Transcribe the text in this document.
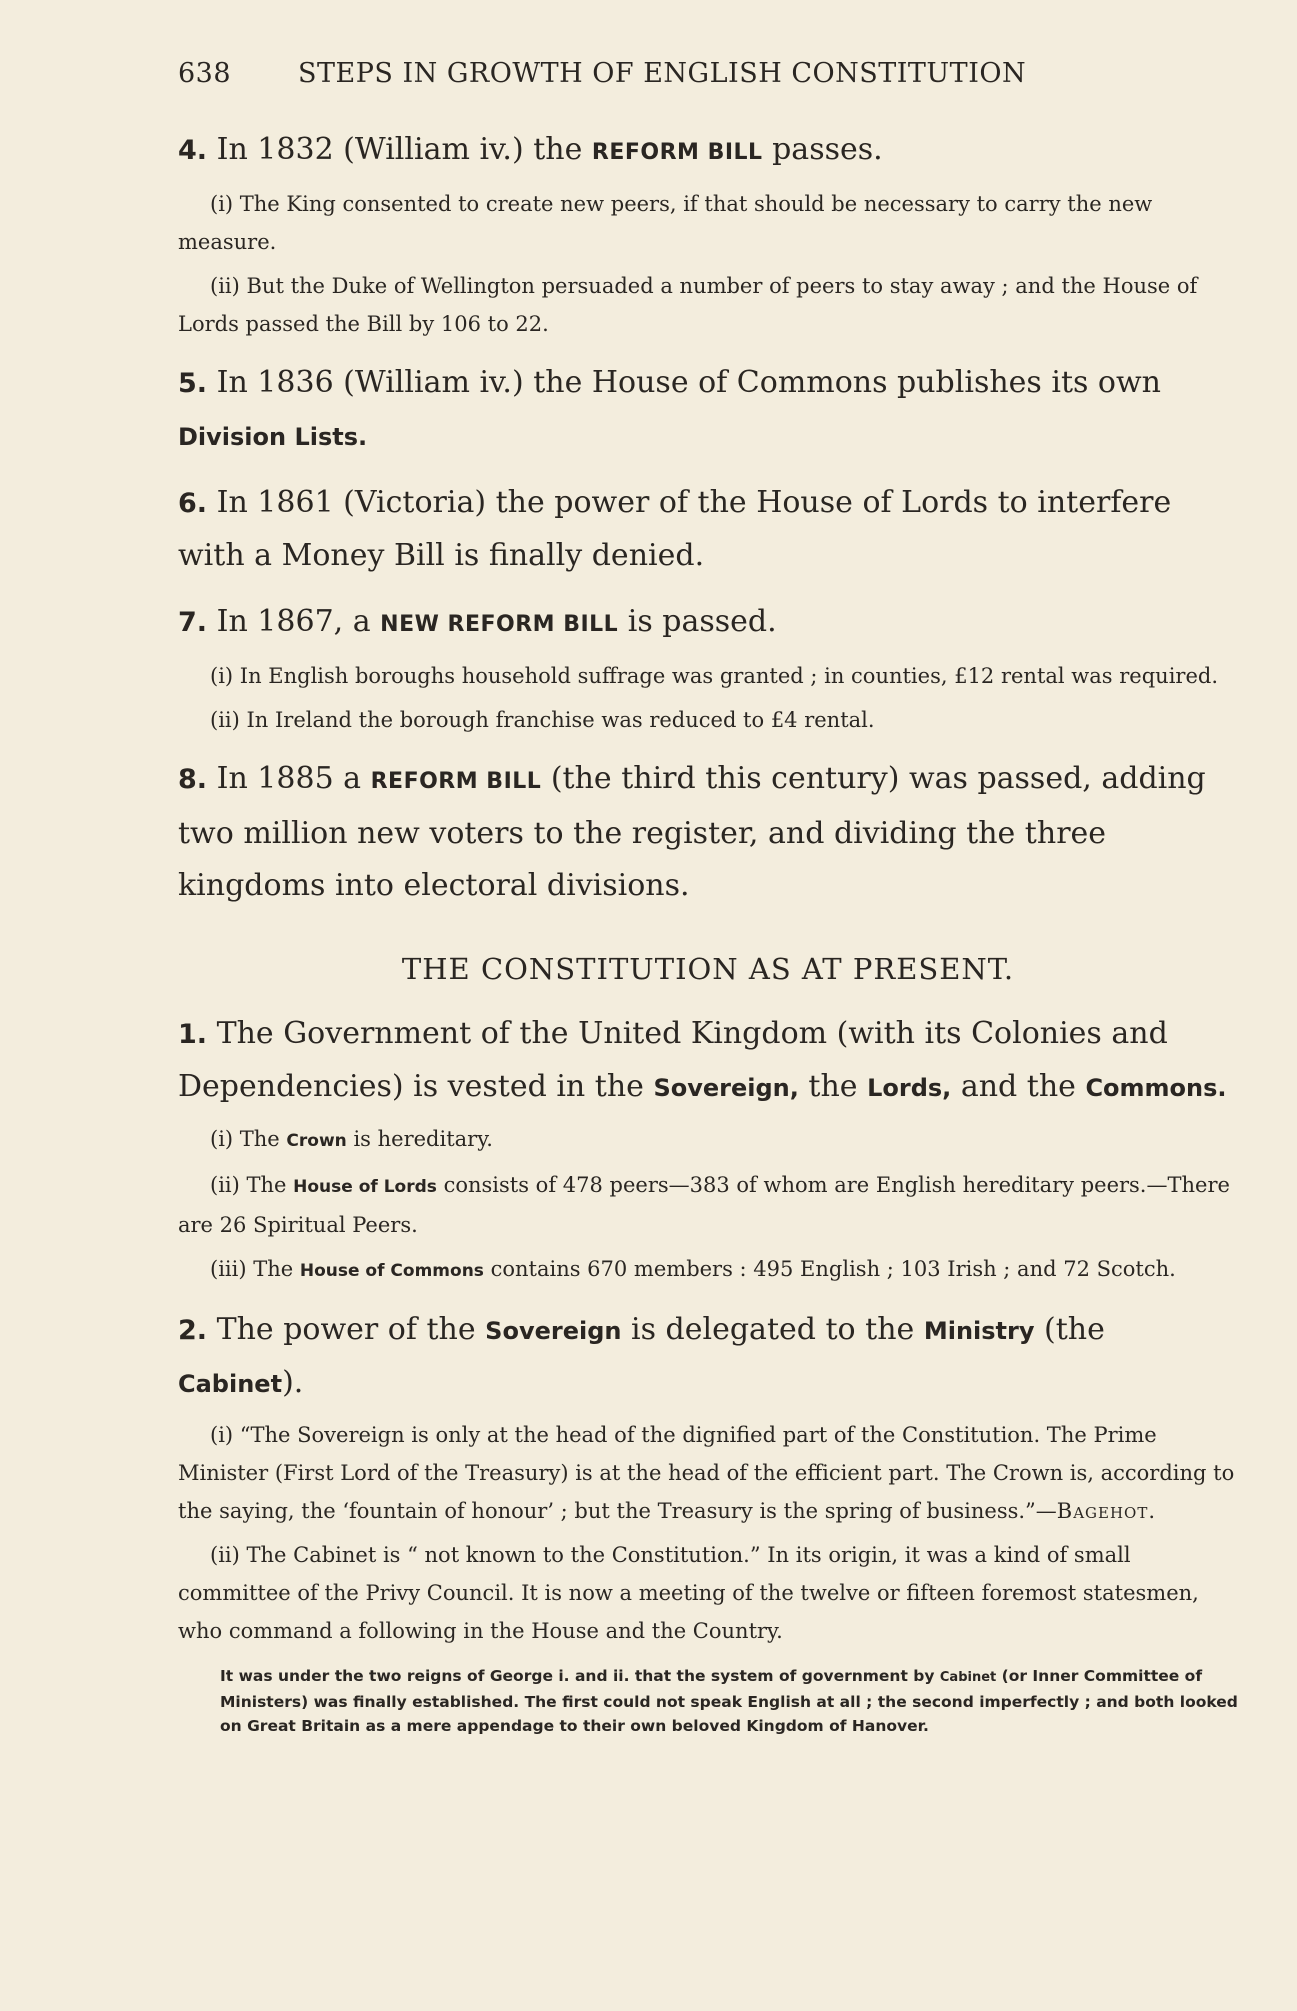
638 STEPS IN GROWTH OF ENGLISH CONSTITUTION
4. In 1832 (William iv.) the REFORM BILL passes.
(i) The King consented to create new peers, if that should be necessary to carry the new measure.
(ii) But the Duke of Wellington persuaded a number of peers to stay away ; and the House of Lords passed the Bill by 106 to 22.
5. In 1836 (William iv.) the House of Commons publishes its own Division Lists.
6. In 1861 (Victoria) the power of the House of Lords to interfere with a Money Bill is finally denied.
7. In 1867, a NEW REFORM BILL is passed.
(i) In English boroughs household suffrage was granted ; in counties, £12 rental was required.
(ii) In Ireland the borough franchise was reduced to £4 rental.
8. In 1885 a REFORM BILL (the third this century) was passed, adding two million new voters to the register, and dividing the three kingdoms into electoral divisions.
THE CONSTITUTION AS AT PRESENT.
1. The Government of the United Kingdom (with its Colonies and Dependencies) is vested in the Sovereign, the Lords, and the Commons.
(i) The Crown is hereditary.
(ii) The House of Lords consists of 478 peers—383 of whom are English hereditary peers.—There are 26 Spiritual Peers.
(iii) The House of Commons contains 670 members : 495 English ; 103 Irish ; and 72 Scotch.
2. The power of the Sovereign is delegated to the Ministry (the Cabinet).
(i) “The Sovereign is only at the head of the dignified part of the Constitution. The Prime Minister (First Lord of the Treasury) is at the head of the efficient part. The Crown is, according to the saying, the ‘fountain of honour’ ; but the Treasury is the spring of business.”—Bagehot.
(ii) The Cabinet is “ not known to the Constitution.” In its origin, it was a kind of small committee of the Privy Council. It is now a meeting of the twelve or fifteen foremost statesmen, who command a following in the House and the Country.
It was under the two reigns of George i. and ii. that the system of government by Cabinet (or Inner Committee of Ministers) was finally established. The first could not speak English at all ; the second imperfectly ; and both looked on Great Britain as a mere appendage to their own beloved Kingdom of Hanover.
